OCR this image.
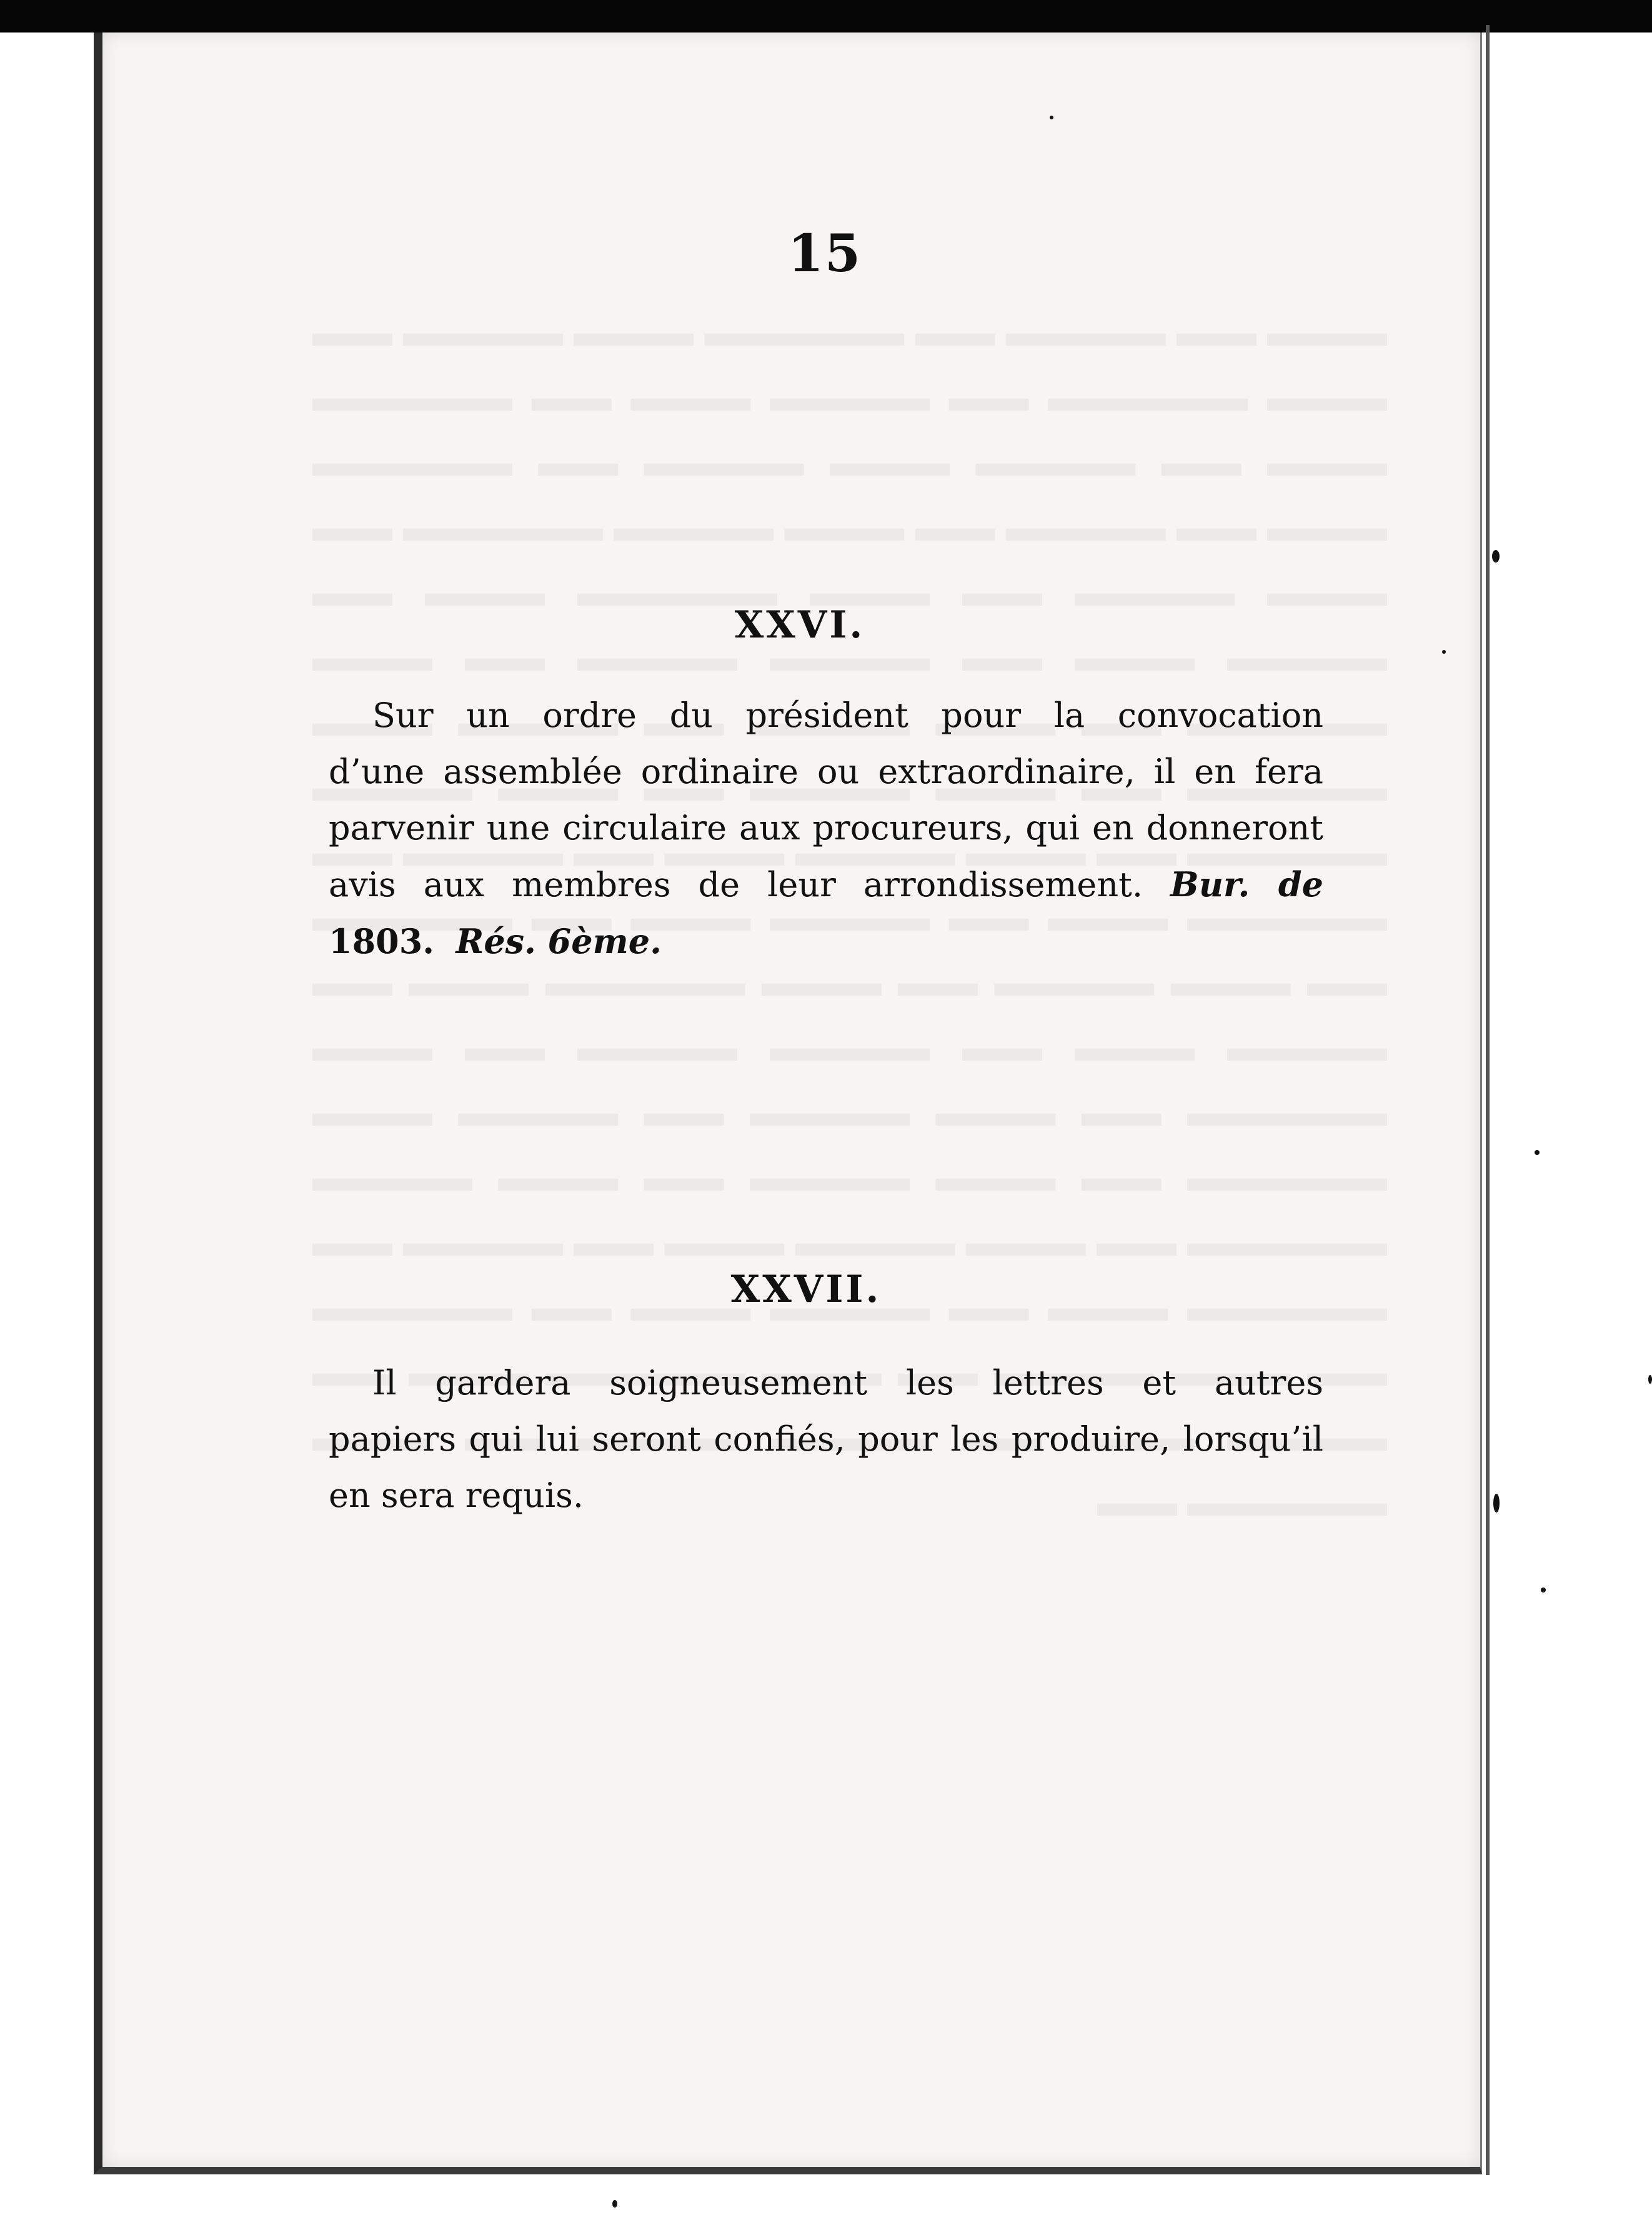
15
XXVI.
Sur un ordre du président pour la convocation
d’une assemblée ordinaire ou extraordinaire, il en fera
parvenir une circulaire aux procureurs, qui en donneront
avis aux membres de leur arrondissement. Bur. de
1803. Rés. 6ème.
XXVII.
Il gardera soigneusement les lettres et autres
papiers qui lui seront confiés, pour les produire, lorsqu’il
en sera requis.
